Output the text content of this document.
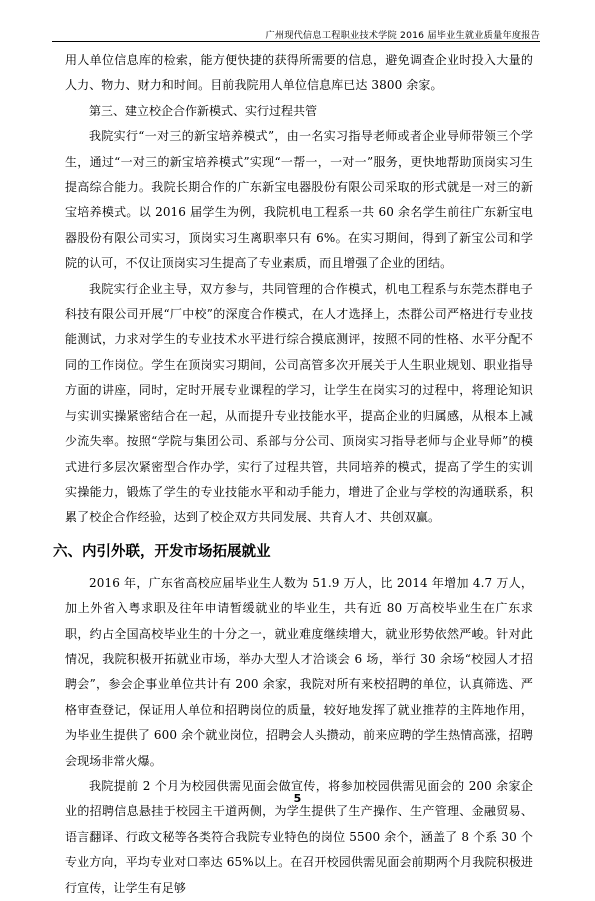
广州现代信息工程职业技术学院 2016 届毕业生就业质量年度报告

用人单位信息库的检索，能方便快捷的获得所需要的信息，避免调查企业时投入大量的人力、物力、财力和时间。目前我院用人单位信息库已达 3800 余家。

第三、建立校企合作新模式、实行过程共管

我院实行“一对三的新宝培养模式”，由一名实习指导老师或者企业导师带领三个学生，通过“一对三的新宝培养模式”实现“一帮一，一对一”服务，更快地帮助顶岗实习生提高综合能力。我院长期合作的广东新宝电器股份有限公司采取的形式就是一对三的新宝培养模式。以 2016 届学生为例，我院机电工程系一共 60 余名学生前往广东新宝电器股份有限公司实习，顶岗实习生离职率只有 6%。在实习期间，得到了新宝公司和学院的认可，不仅让顶岗实习生提高了专业素质，而且增强了企业的团结。

我院实行企业主导，双方参与，共同管理的合作模式，机电工程系与东莞杰群电子科技有限公司开展“厂中校”的深度合作模式，在人才选择上，杰群公司严格进行专业技能测试，力求对学生的专业技术水平进行综合摸底测评，按照不同的性格、水平分配不同的工作岗位。学生在顶岗实习期间，公司高管多次开展关于人生职业规划、职业指导方面的讲座，同时，定时开展专业课程的学习，让学生在岗实习的过程中，将理论知识与实训实操紧密结合在一起，从而提升专业技能水平，提高企业的归属感，从根本上减少流失率。按照“学院与集团公司、系部与分公司、顶岗实习指导老师与企业导师”的模式进行多层次紧密型合作办学，实行了过程共管，共同培养的模式，提高了学生的实训实操能力，锻炼了学生的专业技能水平和动手能力，增进了企业与学校的沟通联系，积累了校企合作经验，达到了校企双方共同发展、共育人才、共创双赢。

六、内引外联，开发市场拓展就业

2016 年，广东省高校应届毕业生人数为 51.9 万人，比 2014 年增加 4.7 万人，加上外省入粤求职及往年申请暂缓就业的毕业生，共有近 80 万高校毕业生在广东求职，约占全国高校毕业生的十分之一，就业难度继续增大，就业形势依然严峻。针对此情况，我院积极开拓就业市场，举办大型人才洽谈会 6 场，举行 30 余场“校园人才招聘会”，参会企事业单位共计有 200 余家，我院对所有来校招聘的单位，认真筛选、严格审查登记，保证用人单位和招聘岗位的质量，较好地发挥了就业推荐的主阵地作用，为毕业生提供了 600 余个就业岗位，招聘会人头攒动，前来应聘的学生热情高涨，招聘会现场非常火爆。

我院提前 2 个月为校园供需见面会做宣传，将参加校园供需见面会的 200 余家企业的招聘信息悬挂于校园主干道两侧，为学生提供了生产操作、生产管理、金融贸易、语言翻译、行政文秘等各类符合我院专业特色的岗位 5500 余个，涵盖了 8 个系 30 个专业方向，平均专业对口率达 65%以上。在召开校园供需见面会前期两个月我院积极进行宣传，让学生有足够

5
